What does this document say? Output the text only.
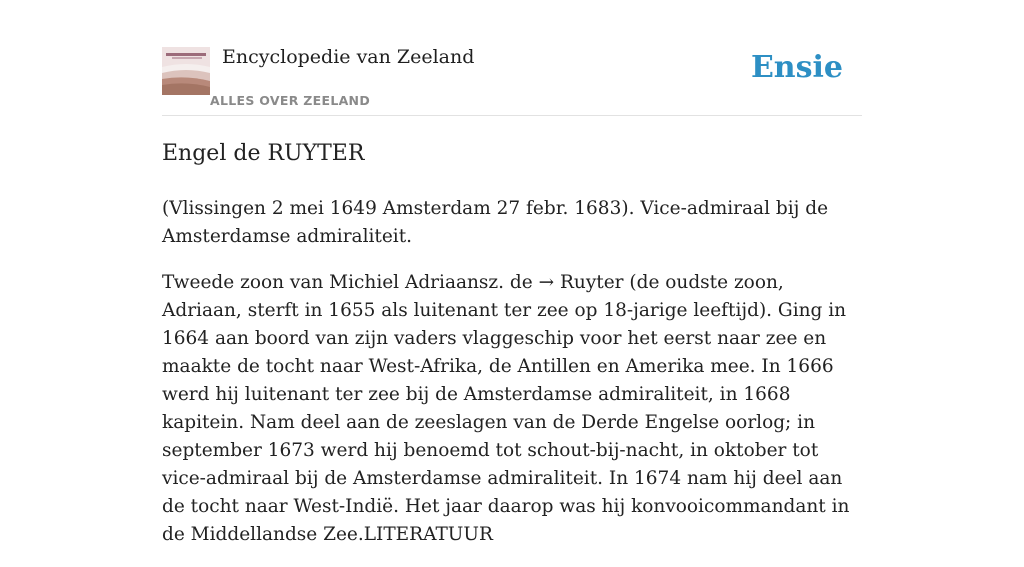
Encyclopedie van Zeeland
ALLES OVER ZEELAND
Ensie
Engel de RUYTER

(Vlissingen 2 mei 1649 Amsterdam 27 febr. 1683). Vice-admiraal bij de Amsterdamse admiraliteit.

Tweede zoon van Michiel Adriaansz. de → Ruyter (de oudste zoon, Adriaan, sterft in 1655 als luitenant ter zee op 18-jarige leeftijd). Ging in 1664 aan boord van zijn vaders vlaggeschip voor het eerst naar zee en maakte de tocht naar West-Afrika, de Antillen en Amerika mee. In 1666 werd hij luitenant ter zee bij de Amsterdamse admiraliteit, in 1668 kapitein. Nam deel aan de zeeslagen van de Derde Engelse oorlog; in september 1673 werd hij benoemd tot schout-bij-nacht, in oktober tot vice-admiraal bij de Amsterdamse admiraliteit. In 1674 nam hij deel aan de tocht naar West-Indië. Het jaar daarop was hij konvooicommandant in de Middellandse Zee.LITERATUUR
